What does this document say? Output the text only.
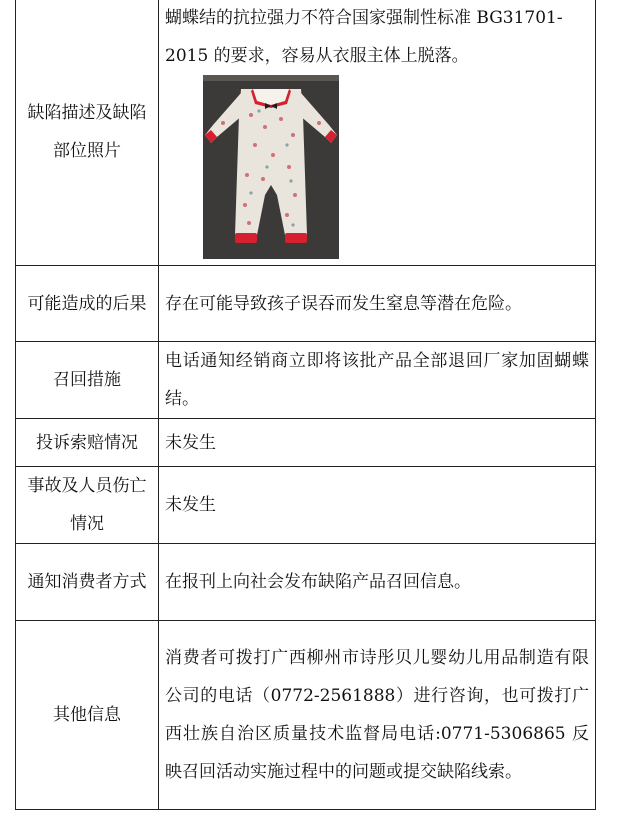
缺陷描述及缺陷部位照片	蝴蝶结的抗拉强力不符合国家强制性标准 BG31701-2015 的要求，容易从衣服主体上脱落。

可能造成的后果	存在可能导致孩子误吞而发生窒息等潜在危险。
召回措施	电话通知经销商立即将该批产品全部退回厂家加固蝴蝶结。
投诉索赔情况	未发生
事故及人员伤亡情况	未发生
通知消费者方式	在报刊上向社会发布缺陷产品召回信息。
其他信息	消费者可拨打广西柳州市诗彤贝儿婴幼儿用品制造有限公司的电话（0772-2561888）进行咨询，也可拨打广西壮族自治区质量技术监督局电话:0771-5306865 反映召回活动实施过程中的问题或提交缺陷线索。
